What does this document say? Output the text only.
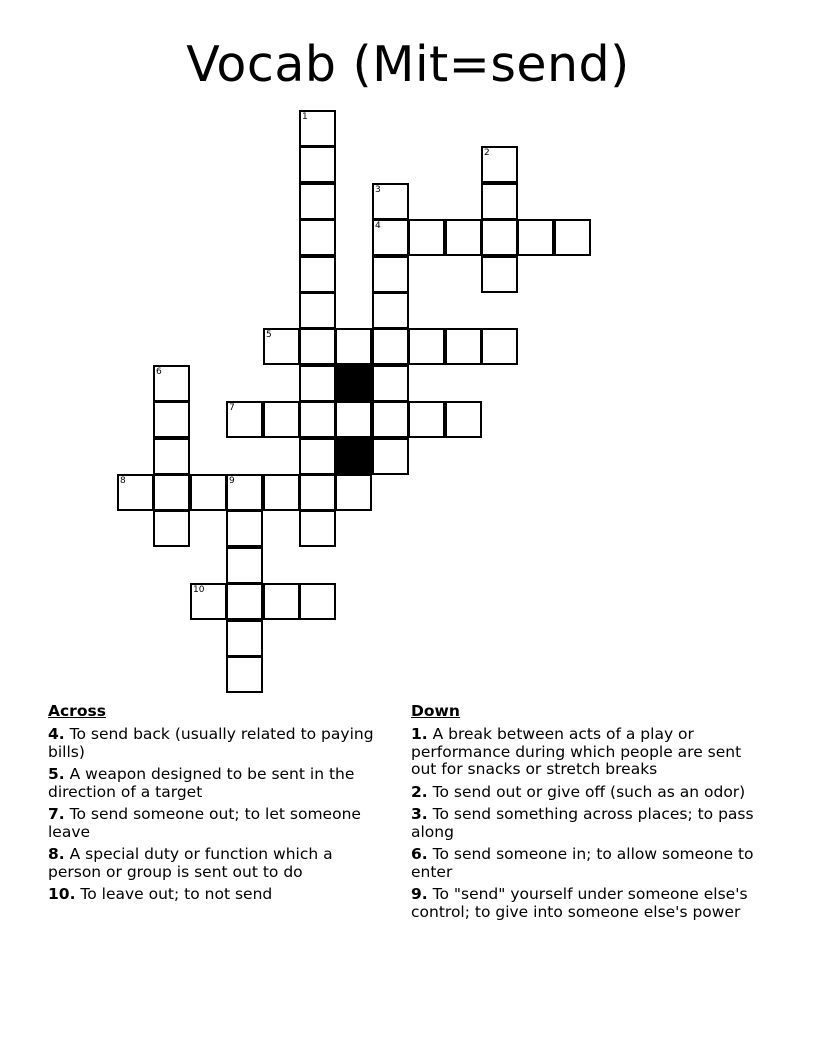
Vocab (Mit=send)
1
2
3
4
5
6
7
8	9
10
Across
4. To send back (usually related to paying bills)
5. A weapon designed to be sent in the direction of a target
7. To send someone out; to let someone leave
8. A special duty or function which a person or group is sent out to do
10. To leave out; to not send
Down
1. A break between acts of a play or performance during which people are sent out for snacks or stretch breaks
2. To send out or give off (such as an odor)
3. To send something across places; to pass along
6. To send someone in; to allow someone to enter
9. To "send" yourself under someone else's control; to give into someone else's power
